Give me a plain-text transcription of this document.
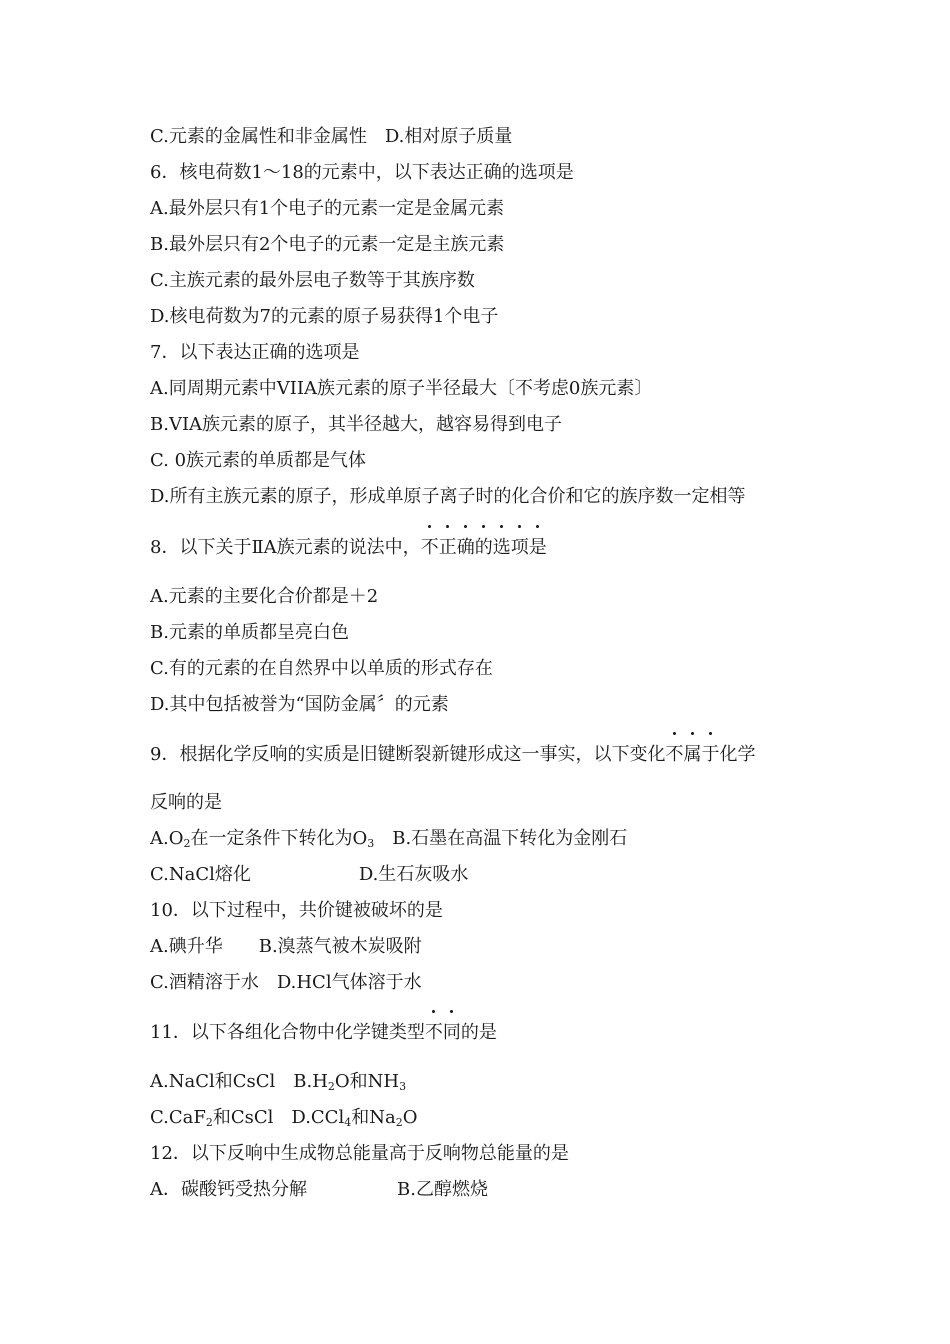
C.元素的金属性和非金属性　D.相对原子质量
6．核电荷数1～18的元素中，以下表达正确的选项是
A.最外层只有1个电子的元素一定是金属元素
B.最外层只有2个电子的元素一定是主族元素
C.主族元素的最外层电子数等于其族序数
D.核电荷数为7的元素的原子易获得1个电子
7．以下表达正确的选项是
A.同周期元素中VIIA族元素的原子半径最大〔不考虑0族元素〕
B.VIA族元素的原子，其半径越大，越容易得到电子
C. 0族元素的单质都是气体
D.所有主族元素的原子，形成单原子离子时的化合价和它的族序数一定相等
8．以下关于ⅡA族元素的说法中，不正确的选项是
A.元素的主要化合价都是＋2
B.元素的单质都呈亮白色
C.有的元素的在自然界中以单质的形式存在
D.其中包括被誉为“国防金属〞的元素
9．根据化学反响的实质是旧键断裂新键形成这一事实，以下变化不属于化学
反响的是
$A.O_2$在一定条件下转化为$O_3$　B.石墨在高温下转化为金刚石
C.NaCl熔化　　　　　　D.生石灰吸水
10．以下过程中，共价键被破坏的是
A.碘升华　　B.溴蒸气被木炭吸附
C.酒精溶于水　D.HCl气体溶于水
11．以下各组化合物中化学键类型不同的是
A.NaCl和CsCl　$B.H_2O$和$NH_3$
C.CaF$_2$和CsCl　D.CCl$_4$和$Na_2O$
12．以下反响中生成物总能量高于反响物总能量的是
A．碳酸钙受热分解　　　　　B.乙醇燃烧
